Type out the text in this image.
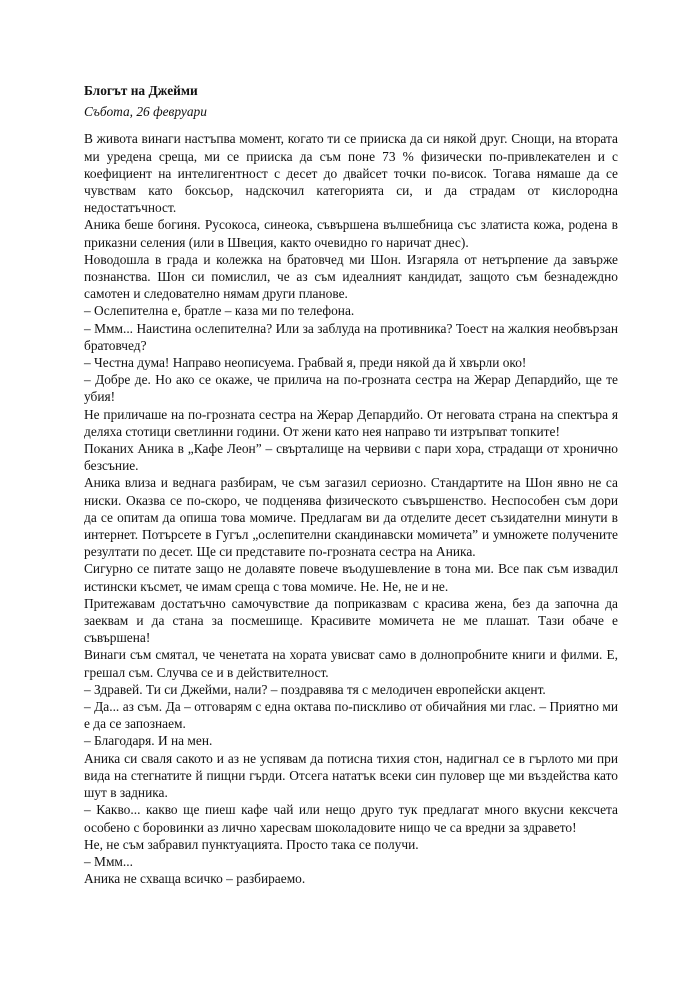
Блогът на Джейми

Събота, 26 февруари

В живота винаги настъпва момент, когато ти се прииска да си някой друг. Снощи, на втората ми уредена среща, ми се прииска да съм поне 73 % физически по-привлекателен и с коефициент на интелигентност с десет до двайсет точки по-висок. Тогава нямаше да се чувствам като боксьор, надскочил категорията си, и да страдам от кислородна недостатъчност.

Аника беше богиня. Русокоса, синеока, съвършена вълшебница със златиста кожа, родена в приказни селения (или в Швеция, както очевидно го наричат днес).

Новодошла в града и колежка на братовчед ми Шон. Изгаряла от нетърпение да завърже познанства. Шон си помислил, че аз съм идеалният кандидат, защото съм безнадеждно самотен и следователно нямам други планове.

– Ослепителна е, братле – каза ми по телефона.

– Ммм... Наистина ослепителна? Или за заблуда на противника? Тоест на жалкия необвързан братовчед?

– Честна дума! Направо неописуема. Грабвай я, преди някой да й хвърли око!

– Добре де. Но ако се окаже, че прилича на по-грозната сестра на Жерар Депардийо, ще те убия!

Не приличаше на по-грозната сестра на Жерар Депардийо. От неговата страна на спектъра я деляха стотици светлинни години. От жени като нея направо ти изтръпват топките!

Поканих Аника в „Кафе Леон” – свърталище на червиви с пари хора, страдащи от хронично безсъние.

Аника влиза и веднага разбирам, че съм загазил сериозно. Стандартите на Шон явно не са ниски. Оказва се по-скоро, че подценява физическото съвършенство. Неспособен съм дори да се опитам да опиша това момиче. Предлагам ви да отделите десет съзидателни минути в интернет. Потърсете в Гугъл „ослепителни скандинавски момичета” и умножете получените резултати по десет. Ще си представите по-грозната сестра на Аника.

Сигурно се питате защо не долавяте повече въодушевление в тона ми. Все пак съм извадил истински късмет, че имам среща с това момиче. Не. Не, не и не.

Притежавам достатъчно самочувствие да поприказвам с красива жена, без да започна да заеквам и да стана за посмешище. Красивите момичета не ме плашат. Тази обаче е съвършена!

Винаги съм смятал, че ченетата на хората увисват само в долнопробните книги и филми. Е, грешал съм. Случва се и в действителност.

– Здравей. Ти си Джейми, нали? – поздравява тя с мелодичен европейски акцент.

– Да... аз съм. Да – отговарям с една октава по-пискливо от обичайния ми глас. – Приятно ми е да се запознаем.

– Благодаря. И на мен.

Аника си сваля сакото и аз не успявам да потисна тихия стон, надигнал се в гърлото ми при вида на стегнатите й пищни гърди. Отсега нататък всеки син пуловер ще ми въздейства като шут в задника.

– Какво... какво ще пиеш кафе чай или нещо друго тук предлагат много вкусни кексчета особено с боровинки аз лично харесвам шоколадовите нищо че са вредни за здравето!

Не, не съм забравил пунктуацията. Просто така се получи.

– Ммм...

Аника не схваща всичко – разбираемо.
